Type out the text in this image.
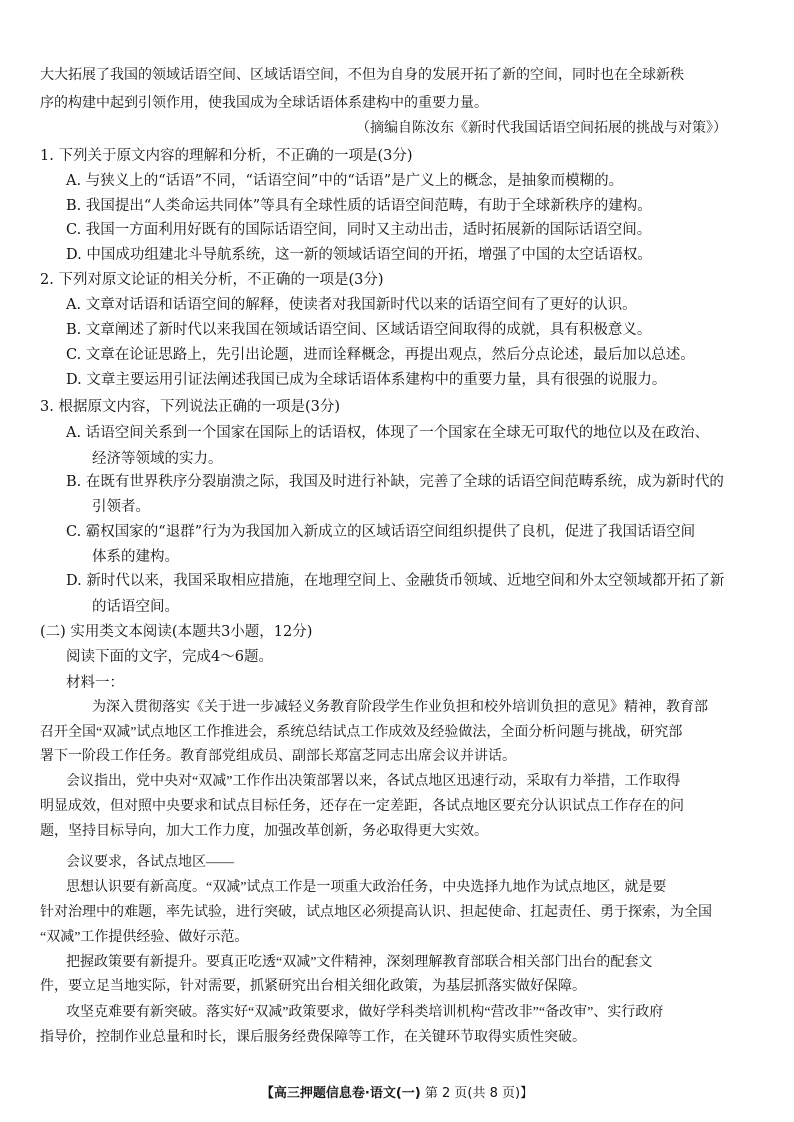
大大拓展了我国的领域话语空间、区域话语空间，不但为自身的发展开拓了新的空间，同时也在全球新秩
序的构建中起到引领作用，使我国成为全球话语体系建构中的重要力量。
（摘编自陈汝东《新时代我国话语空间拓展的挑战与对策》）
1. 下列关于原文内容的理解和分析，不正确的一项是(3分)
A. 与狭义上的“话语”不同，“话语空间”中的“话语”是广义上的概念，是抽象而模糊的。
B. 我国提出“人类命运共同体”等具有全球性质的话语空间范畴，有助于全球新秩序的建构。
C. 我国一方面利用好既有的国际话语空间，同时又主动出击，适时拓展新的国际话语空间。
D. 中国成功组建北斗导航系统，这一新的领域话语空间的开拓，增强了中国的太空话语权。
2. 下列对原文论证的相关分析，不正确的一项是(3分)
A. 文章对话语和话语空间的解释，使读者对我国新时代以来的话语空间有了更好的认识。
B. 文章阐述了新时代以来我国在领域话语空间、区域话语空间取得的成就，具有积极意义。
C. 文章在论证思路上，先引出论题，进而诠释概念，再提出观点，然后分点论述，最后加以总述。
D. 文章主要运用引证法阐述我国已成为全球话语体系建构中的重要力量，具有很强的说服力。
3. 根据原文内容，下列说法正确的一项是(3分)
A. 话语空间关系到一个国家在国际上的话语权，体现了一个国家在全球无可取代的地位以及在政治、
经济等领域的实力。
B. 在既有世界秩序分裂崩溃之际，我国及时进行补缺，完善了全球的话语空间范畴系统，成为新时代的
引领者。
C. 霸权国家的“退群”行为为我国加入新成立的区域话语空间组织提供了良机，促进了我国话语空间
体系的建构。
D. 新时代以来，我国采取相应措施，在地理空间上、金融货币领域、近地空间和外太空领域都开拓了新
的话语空间。
(二) 实用类文本阅读(本题共3小题，12分)
阅读下面的文字，完成4～6题。
材料一：
为深入贯彻落实《关于进一步减轻义务教育阶段学生作业负担和校外培训负担的意见》精神，教育部
召开全国“双减”试点地区工作推进会，系统总结试点工作成效及经验做法，全面分析问题与挑战，研究部
署下一阶段工作任务。教育部党组成员、副部长郑富芝同志出席会议并讲话。
会议指出，党中央对“双减”工作作出决策部署以来，各试点地区迅速行动，采取有力举措，工作取得
明显成效，但对照中央要求和试点目标任务，还存在一定差距，各试点地区要充分认识试点工作存在的问
题，坚持目标导向，加大工作力度，加强改革创新，务必取得更大实效。
会议要求，各试点地区——
思想认识要有新高度。“双减”试点工作是一项重大政治任务，中央选择九地作为试点地区，就是要
针对治理中的难题，率先试验，进行突破，试点地区必须提高认识、担起使命、扛起责任、勇于探索，为全国
“双减”工作提供经验、做好示范。
把握政策要有新提升。要真正吃透“双减”文件精神，深刻理解教育部联合相关部门出台的配套文
件，要立足当地实际，针对需要，抓紧研究出台相关细化政策，为基层抓落实做好保障。
攻坚克难要有新突破。落实好“双减”政策要求，做好学科类培训机构“营改非”“备改审”、实行政府
指导价，控制作业总量和时长，课后服务经费保障等工作，在关键环节取得实质性突破。
【高三押题信息卷·语文(一) 第 2 页(共 8 页)】
